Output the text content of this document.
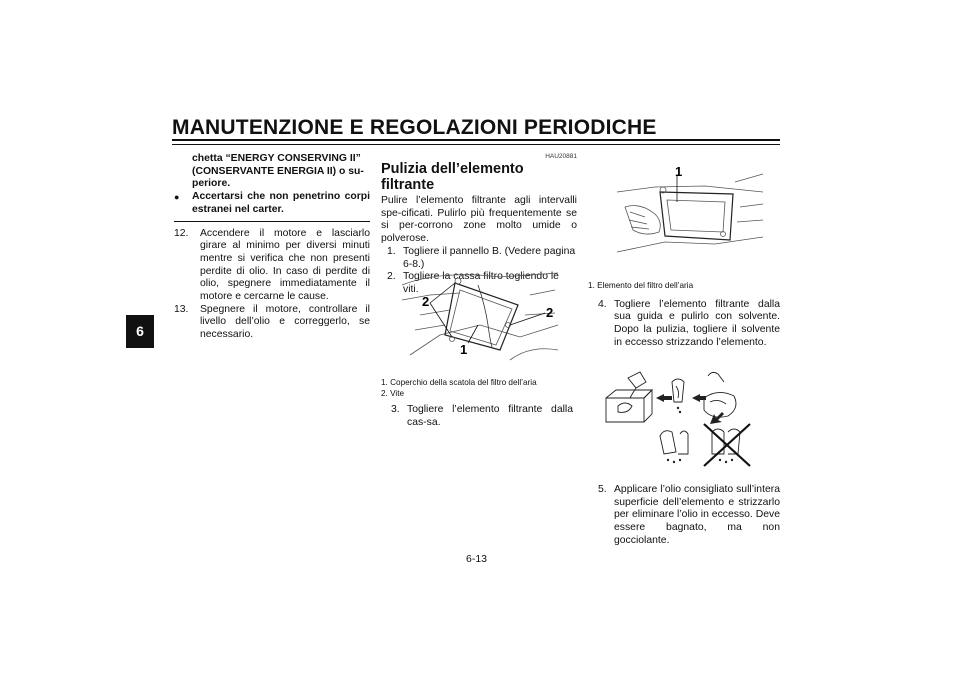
MANUTENZIONE E REGOLAZIONI PERIODICHE
6
chetta “ENERGY CONSERVING II”
(CONSERVANTE ENERGIA II) o su-
periore.
●	Accertarsi che non penetrino corpi estranei nel carter.
12.	Accendere il motore e lasciarlo girare al minimo per diversi minuti mentre si verifica che non presenti perdite di olio. In caso di perdite di olio, spegnere immediatamente il motore e cercarne le cause.
13.	Spegnere il motore, controllare il livello dell’olio e correggerlo, se necessario.
HAU20881
Pulizia dell’elemento filtrante
Pulire l’elemento filtrante agli intervalli spe-cificati. Pulirlo più frequentemente se si per-corrono zone molto umide o polverose.
1. Togliere il pannello B. (Vedere pagina 6-8.)
2. Togliere la cassa filtro togliendo le viti.
2
2
1
1. Coperchio della scatola del filtro dell’aria
2. Vite
3. Togliere l’elemento filtrante dalla cas-sa.
1
1. Elemento del filtro dell’aria
4. Togliere l’elemento filtrante dalla sua guida e pulirlo con solvente. Dopo la pulizia, togliere il solvente in eccesso strizzando l’elemento.
5. Applicare l’olio consigliato sull’intera superficie dell’elemento e strizzarlo per eliminare l’olio in eccesso. Deve essere bagnato, ma non gocciolante.
6-13
